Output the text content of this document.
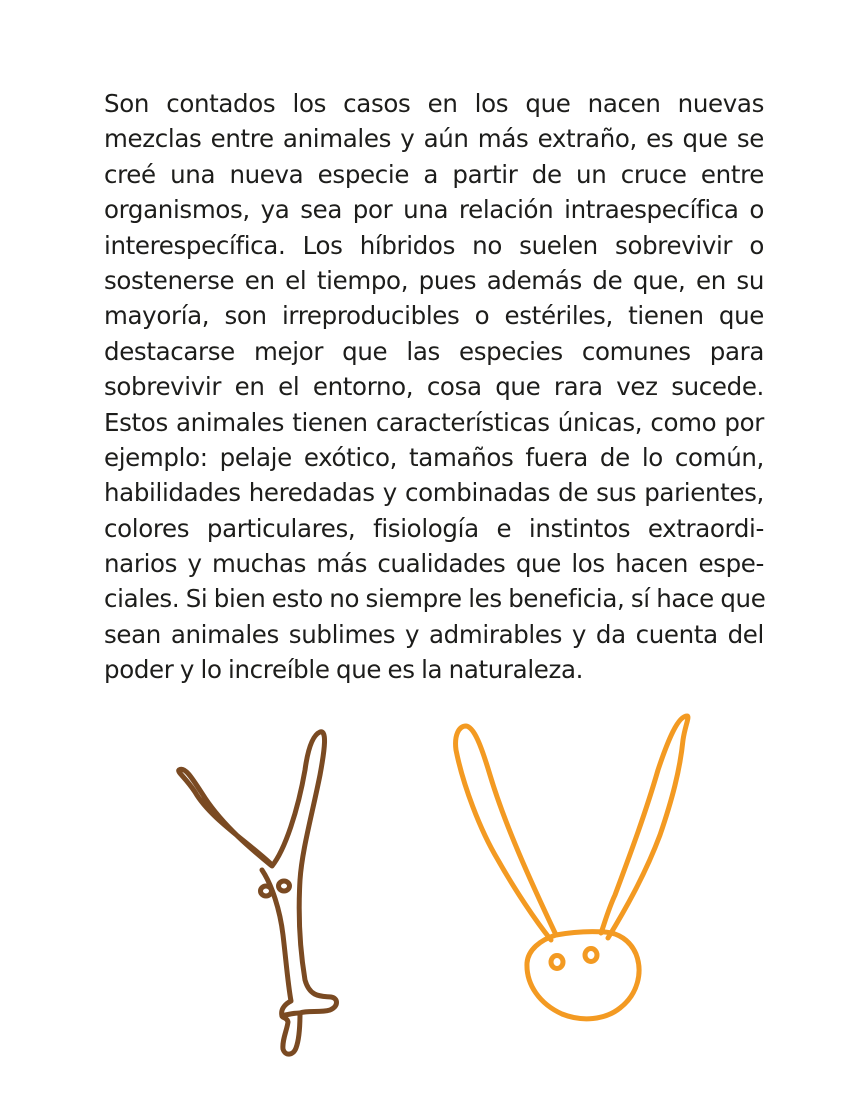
Son contados los casos en los que nacen nuevas
mezclas entre animales y aún más extraño, es que se
creé una nueva especie a partir de un cruce entre
organismos, ya sea por una relación intraespecífica o
interespecífica. Los híbridos no suelen sobrevivir o
sostenerse en el tiempo, pues además de que, en su
mayoría, son irreproducibles o estériles, tienen que
destacarse mejor que las especies comunes para
sobrevivir en el entorno, cosa que rara vez sucede.
Estos animales tienen características únicas, como por
ejemplo: pelaje exótico, tamaños fuera de lo común,
habilidades heredadas y combinadas de sus parientes,
colores particulares, fisiología e instintos extraordi-
narios y muchas más cualidades que los hacen espe-
ciales. Si bien esto no siempre les beneficia, sí hace que
sean animales sublimes y admirables y da cuenta del
poder y lo increíble que es la naturaleza.
